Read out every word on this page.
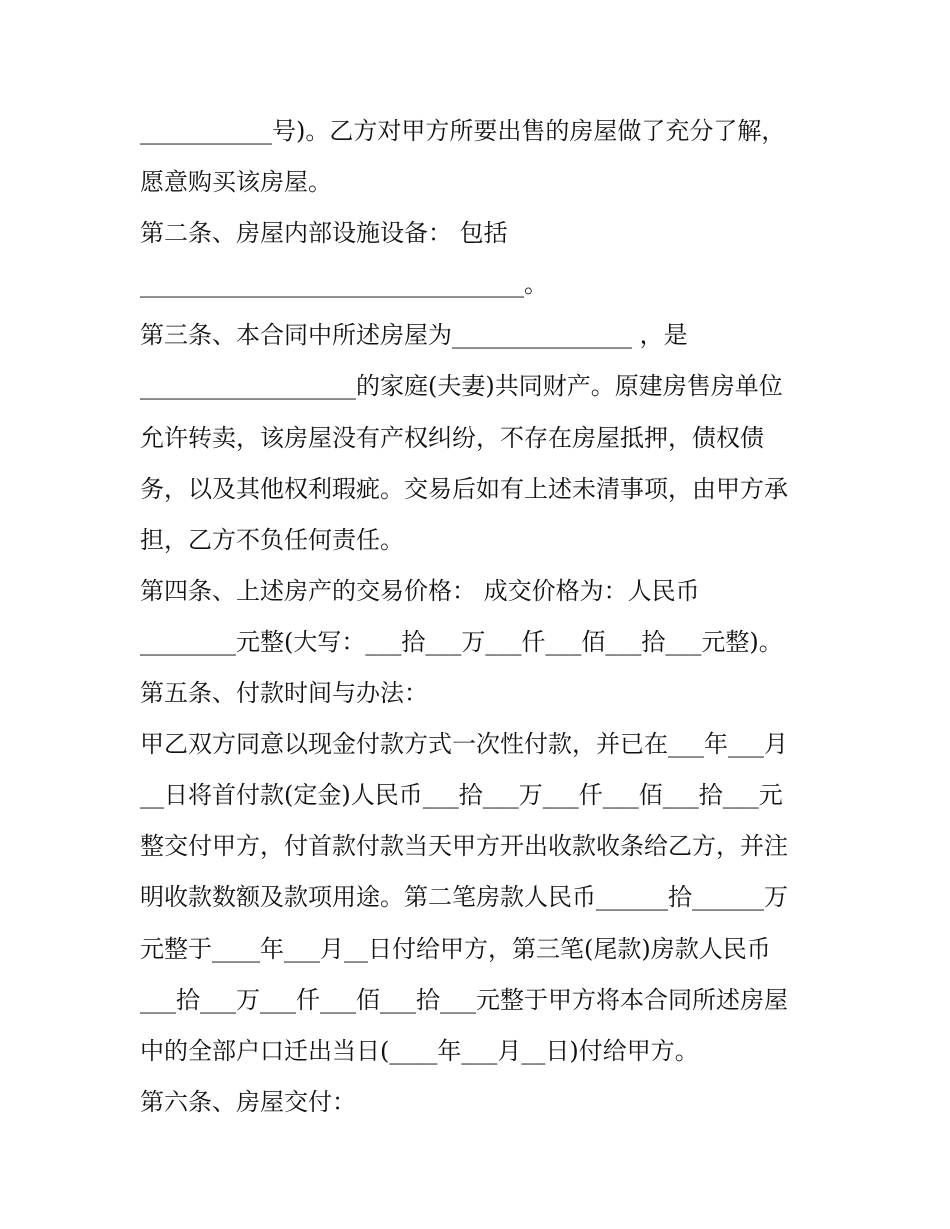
___________号)。乙方对甲方所要出售的房屋做了充分了解，
愿意购买该房屋。
第二条、房屋内部设施设备： 包括
________________________________。
第三条、本合同中所述房屋为_______________ ，是
__________________的家庭(夫妻)共同财产。原建房售房单位
允许转卖，该房屋没有产权纠纷，不存在房屋抵押，债权债
务，以及其他权利瑕疵。交易后如有上述未清事项，由甲方承
担，乙方不负任何责任。
第四条、上述房产的交易价格： 成交价格为：人民币
________元整(大写：___拾___万___仟___佰___拾___元整)。
第五条、付款时间与办法：
甲乙双方同意以现金付款方式一次性付款，并已在___年___月
__日将首付款(定金)人民币___拾___万___仟___佰___拾___元
整交付甲方，付首款付款当天甲方开出收款收条给乙方，并注
明收款数额及款项用途。第二笔房款人民币______拾______万
元整于____年___月__日付给甲方，第三笔(尾款)房款人民币
___拾___万___仟___佰___拾___元整于甲方将本合同所述房屋
中的全部户口迁出当日(____年___月__日)付给甲方。
第六条、房屋交付：
